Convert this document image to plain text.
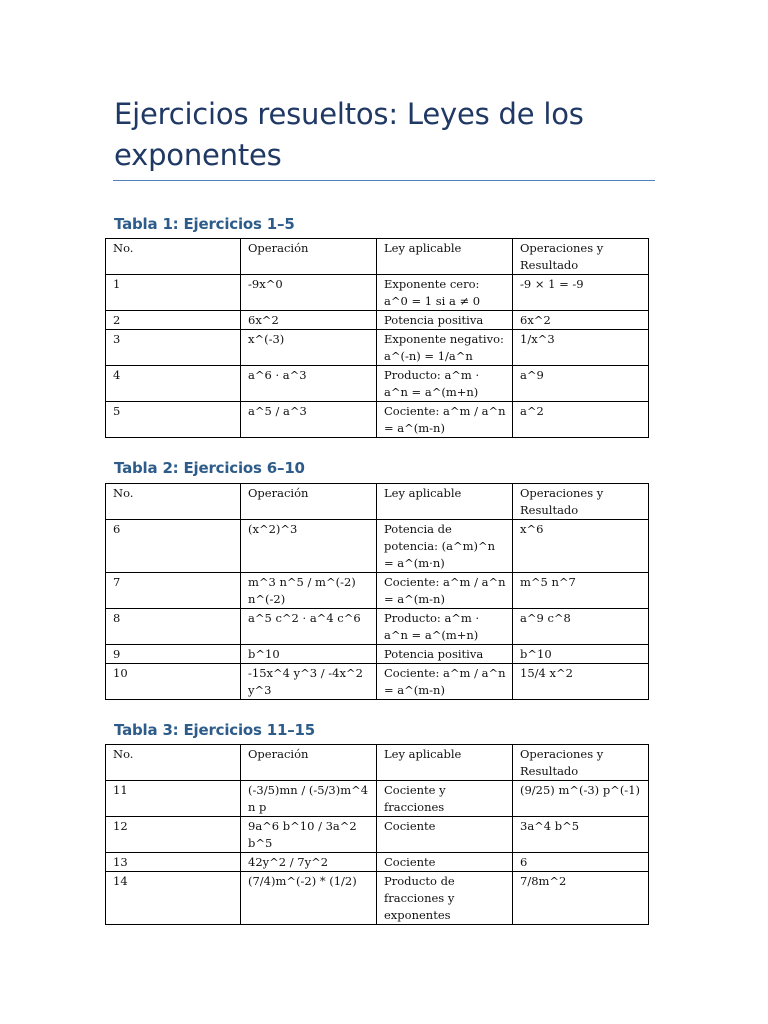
Ejercicios resueltos: Leyes de los exponentes
Tabla 1: Ejercicios 1–5
No.	Operación	Ley aplicable	Operaciones y Resultado
1	-9x^0	Exponente cero: a^0 = 1 si a ≠ 0	-9 × 1 = -9
2	6x^2	Potencia positiva	6x^2
3	x^(-3)	Exponente negativo: a^(-n) = 1/a^n	1/x^3
4	a^6 · a^3	Producto: a^m · a^n = a^(m+n)	a^9
5	a^5 / a^3	Cociente: a^m / a^n = a^(m-n)	a^2
Tabla 2: Ejercicios 6–10
No.	Operación	Ley aplicable	Operaciones y Resultado
6	(x^2)^3	Potencia de potencia: (a^m)^n = a^(m·n)	x^6
7	m^3 n^5 / m^(-2) n^(-2)	Cociente: a^m / a^n = a^(m-n)	m^5 n^7
8	a^5 c^2 · a^4 c^6	Producto: a^m · a^n = a^(m+n)	a^9 c^8
9	b^10	Potencia positiva	b^10
10	-15x^4 y^3 / -4x^2 y^3	Cociente: a^m / a^n = a^(m-n)	15/4 x^2
Tabla 3: Ejercicios 11–15
No.	Operación	Ley aplicable	Operaciones y Resultado
11	(-3/5)mn / (-5/3)m^4 n p	Cociente y fracciones	(9/25) m^(-3) p^(-1)
12	9a^6 b^10 / 3a^2 b^5	Cociente	3a^4 b^5
13	42y^2 / 7y^2	Cociente	6
14	(7/4)m^(-2) * (1/2)	Producto de fracciones y exponentes	7/8m^2
